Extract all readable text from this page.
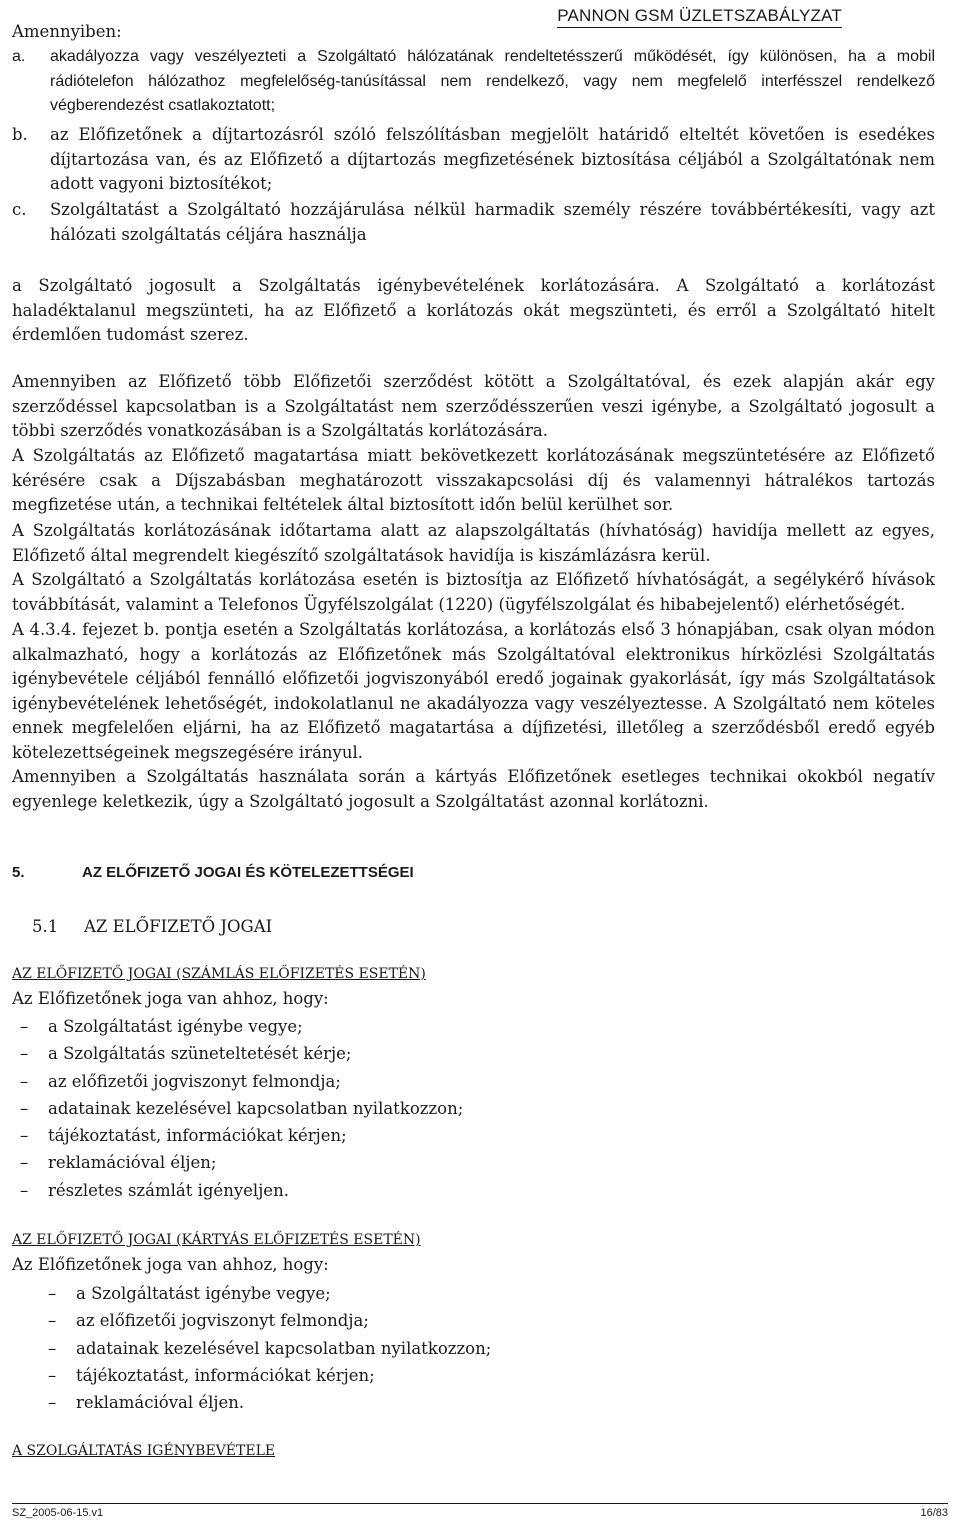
PANNON GSM ÜZLETSZABÁLYZAT
Amennyiben:
a. akadályozza vagy veszélyezteti a Szolgáltató hálózatának rendeltetésszerű működését, így különösen, ha a mobil rádiótelefon hálózathoz megfelelőség-tanúsítással nem rendelkező, vagy nem megfelelő interfésszel rendelkező végberendezést csatlakoztatott;
b. az Előfizetőnek a díjtartozásról szóló felszólításban megjelölt határidő elteltét követően is esedékes díjtartozása van, és az Előfizető a díjtartozás megfizetésének biztosítása céljából a Szolgáltatónak nem adott vagyoni biztosítékot;
c. Szolgáltatást a Szolgáltató hozzájárulása nélkül harmadik személy részére továbbértékesíti, vagy azt hálózati szolgáltatás céljára használja
a Szolgáltató jogosult a Szolgáltatás igénybevételének korlátozására. A Szolgáltató a korlátozást haladéktalanul megszünteti, ha az Előfizető a korlátozás okát megszünteti, és erről a Szolgáltató hitelt érdemlően tudomást szerez.
Amennyiben az Előfizető több Előfizetői szerződést kötött a Szolgáltatóval, és ezek alapján akár egy szerződéssel kapcsolatban is a Szolgáltatást nem szerződésszerűen veszi igénybe, a Szolgáltató jogosult a többi szerződés vonatkozásában is a Szolgáltatás korlátozására.
A Szolgáltatás az Előfizető magatartása miatt bekövetkezett korlátozásának megszüntetésére az Előfizető kérésére csak a Díjszabásban meghatározott visszakapcsolási díj és valamennyi hátralékos tartozás megfizetése után, a technikai feltételek által biztosított időn belül kerülhet sor.
A Szolgáltatás korlátozásának időtartama alatt az alapszolgáltatás (hívhatóság) havidíja mellett az egyes, Előfizető által megrendelt kiegészítő szolgáltatások havidíja is kiszámlázásra kerül.
A Szolgáltató a Szolgáltatás korlátozása esetén is biztosítja az Előfizető hívhatóságát, a segélykérő hívások továbbítását, valamint a Telefonos Ügyfélszolgálat (1220) (ügyfélszolgálat és hibabejelentő) elérhetőségét.
A 4.3.4. fejezet b. pontja esetén a Szolgáltatás korlátozása, a korlátozás első 3 hónapjában, csak olyan módon alkalmazható, hogy a korlátozás az Előfizetőnek más Szolgáltatóval elektronikus hírközlési Szolgáltatás igénybevétele céljából fennálló előfizetői jogviszonyából eredő jogainak gyakorlását, így más Szolgáltatások igénybevételének lehetőségét, indokolatlanul ne akadályozza vagy veszélyeztesse. A Szolgáltató nem köteles ennek megfelelően eljárni, ha az Előfizető magatartása a díjfizetési, illetőleg a szerződésből eredő egyéb kötelezettségeinek megszegésére irányul.
Amennyiben a Szolgáltatás használata során a kártyás Előfizetőnek esetleges technikai okokból negatív egyenlege keletkezik, úgy a Szolgáltató jogosult a Szolgáltatást azonnal korlátozni.
5.	AZ ELŐFIZETŐ JOGAI ÉS KÖTELEZETTSÉGEI
5.1 AZ ELŐFIZETŐ JOGAI
AZ ELŐFIZETŐ JOGAI (SZÁMLÁS ELŐFIZETÉS ESETÉN)
Az Előfizetőnek joga van ahhoz, hogy:
– a Szolgáltatást igénybe vegye;
– a Szolgáltatás szüneteltetését kérje;
– az előfizetői jogviszonyt felmondja;
– adatainak kezelésével kapcsolatban nyilatkozzon;
– tájékoztatást, információkat kérjen;
– reklamációval éljen;
– részletes számlát igényeljen.
AZ ELŐFIZETŐ JOGAI (KÁRTYÁS ELŐFIZETÉS ESETÉN)
Az Előfizetőnek joga van ahhoz, hogy:
– a Szolgáltatást igénybe vegye;
– az előfizetői jogviszonyt felmondja;
– adatainak kezelésével kapcsolatban nyilatkozzon;
– tájékoztatást, információkat kérjen;
– reklamációval éljen.
A SZOLGÁLTATÁS IGÉNYBEVÉTELE
SZ_2005-06-15.v1	16/83
